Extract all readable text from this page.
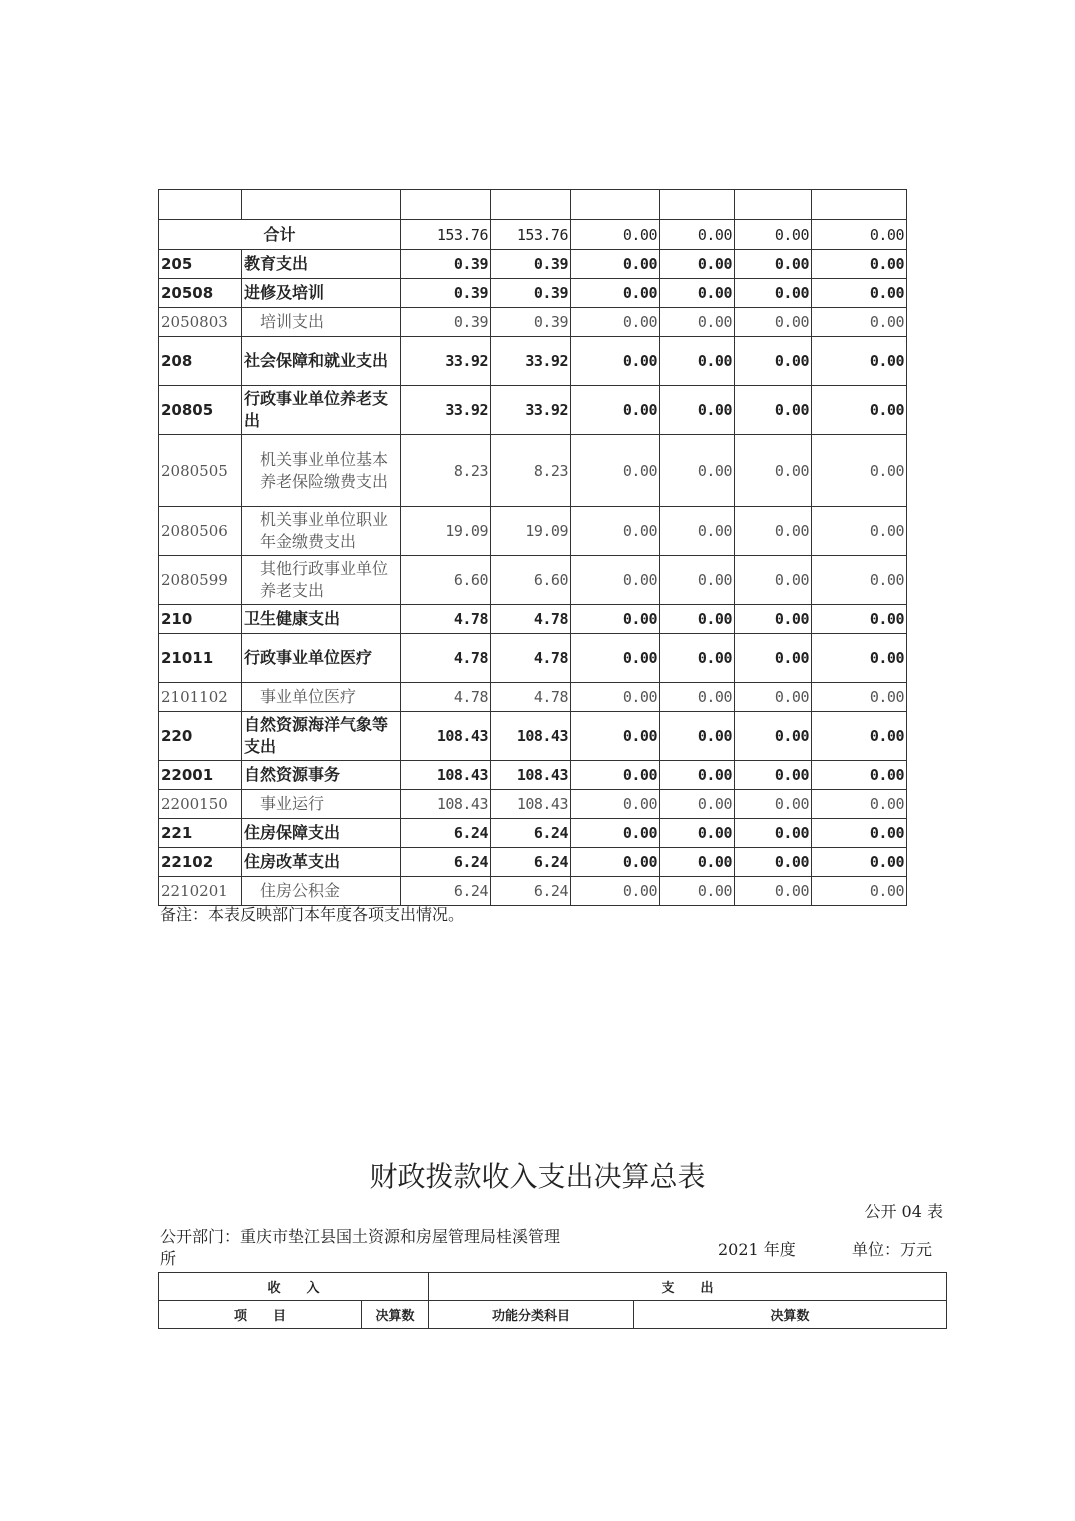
合计		153.76	153.76	0.00	0.00	0.00	0.00
205	教育支出	0.39	0.39	0.00	0.00	0.00	0.00
20508	进修及培训	0.39	0.39	0.00	0.00	0.00	0.00
2050803	培训支出	0.39	0.39	0.00	0.00	0.00	0.00
208	社会保障和就业支出	33.92	33.92	0.00	0.00	0.00	0.00
20805	行政事业单位养老支出	33.92	33.92	0.00	0.00	0.00	0.00
2080505	机关事业单位基本养老保险缴费支出	8.23	8.23	0.00	0.00	0.00	0.00
2080506	机关事业单位职业年金缴费支出	19.09	19.09	0.00	0.00	0.00	0.00
2080599	其他行政事业单位养老支出	6.60	6.60	0.00	0.00	0.00	0.00
210	卫生健康支出	4.78	4.78	0.00	0.00	0.00	0.00
21011	行政事业单位医疗	4.78	4.78	0.00	0.00	0.00	0.00
2101102	事业单位医疗	4.78	4.78	0.00	0.00	0.00	0.00
220	自然资源海洋气象等支出	108.43	108.43	0.00	0.00	0.00	0.00
22001	自然资源事务	108.43	108.43	0.00	0.00	0.00	0.00
2200150	事业运行	108.43	108.43	0.00	0.00	0.00	0.00
221	住房保障支出	6.24	6.24	0.00	0.00	0.00	0.00
22102	住房改革支出	6.24	6.24	0.00	0.00	0.00	0.00
2210201	住房公积金	6.24	6.24	0.00	0.00	0.00	0.00
备注：本表反映部门本年度各项支出情况。
财政拨款收入支出决算总表
公开 04 表
公开部门：重庆市垫江县国土资源和房屋管理局桂溪管理所	2021 年度	单位：万元
收　　入		支　　出	
项　　目	决算数	功能分类科目	决算数
